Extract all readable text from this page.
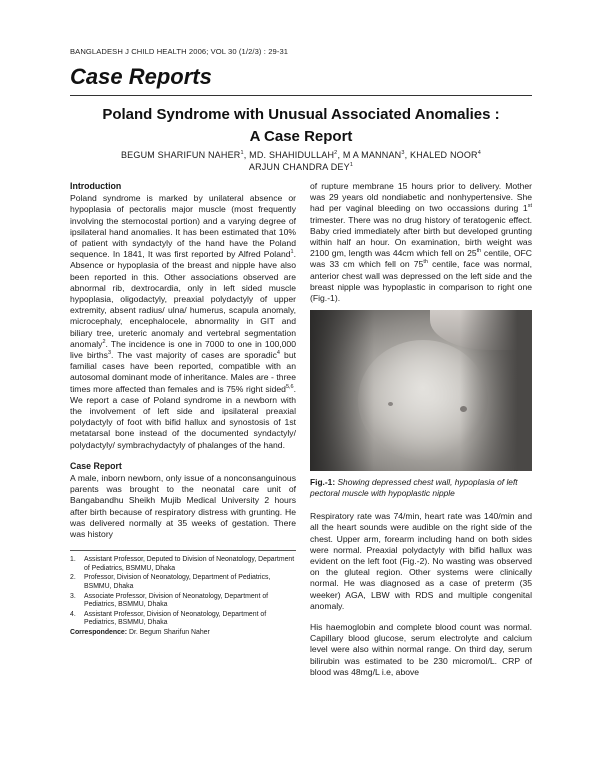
BANGLADESH J CHILD HEALTH 2006; VOL 30 (1/2/3) : 29-31
Case Reports
Poland Syndrome with Unusual Associated Anomalies :
A Case Report
BEGUM SHARIFUN NAHER$^1$, MD. SHAHIDULLAH$^2$, M A MANNAN$^3$, KHALED NOOR$^4$
ARJUN CHANDRA DEY$^1$
Introduction

Poland syndrome is marked by unilateral absence or hypoplasia of pectoralis major muscle (most frequently involving the sternocostal portion) and a varying degree of ipsilateral hand anomalies. It has been estimated that 10% of patient with syndactyly of the hand have the Poland sequence. In 1841, It was first reported by Alfred Poland$^1$. Absence or hypoplasia of the breast and nipple have also been reported in this. Other associations observed are abnormal rib, dextrocardia, only in left sided muscle hypoplasia, oligodactyly, preaxial polydactyly of upper extremity, absent radius/ ulna/ humerus, scapula anomaly, microcephaly, encephalocele, abnormality in GIT and biliary tree, ureteric anomaly and vertebral segmentation anomaly$^2$. The incidence is one in 7000 to one in 100,000 live births$^3$. The vast majority of cases are sporadic$^4$ but familial cases have been reported, compatible with an autosomal dominant mode of inheritance. Males are - three times more affected than females and is 75% right sided$^{5,6}$. We report a case of Poland syndrome in a newborn with the involvement of left side and ipsilateral preaxial polydactyly of foot with bifid hallux and synostosis of 1st metatarsal bone instead of the documented syndactyly/ polydactyly/ symbrachydactyly of phalanges of the hand.

Case Report

A male, inborn newborn, only issue of a nonconsanguinous parents was brought to the neonatal care unit of Bangabandhu Sheikh Mujib Medical University 2 hours after birth because of respiratory distress with grunting. He was delivered normally at 35 weeks of gestation. There was history

1.	Assistant Professor, Deputed to Division of Neonatology, Department of Pediatrics, BSMMU, Dhaka
2.	Professor, Division of Neonatology, Department of Pediatrics, BSMMU, Dhaka
3.	Associate Professor, Division of Neonatology, Department of Pediatrics, BSMMU, Dhaka
4.	Assistant Professor, Division of Neonatology, Department of Pediatrics, BSMMU, Dhaka
Correspondence: Dr. Begum Sharifun Naher

of rupture membrane 15 hours prior to delivery. Mother was 29 years old nondiabetic and nonhypertensive. She had per vaginal bleeding on two occassions during 1st trimester. There was no drug history of teratogenic effect. Baby cried immediately after birth but developed grunting within half an hour. On examination, birth weight was 2100 gm, length was 44cm which fell on 25th centile, OFC was 33 cm which fell on 75th centile, face was normal, anterior chest wall was depressed on the left side and the breast nipple was hypoplastic in comparison to right one (Fig.-1).

Fig.-1: Showing depressed chest wall, hypoplasia of left pectoral muscle with hypoplastic nipple

Respiratory rate was 74/min, heart rate was 140/min and all the heart sounds were audible on the right side of the chest. Upper arm, forearm including hand on both sides were normal. Preaxial polydactyly with bifid hallux was evident on the left foot (Fig.-2). No wasting was observed on the gluteal region. Other systems were clinically normal. He was diagnosed as a case of preterm (35 weeker) AGA, LBW with RDS and multiple congenital anomaly.

His haemoglobin and complete blood count was normal. Capillary blood glucose, serum electrolyte and calcium level were also within normal range. On third day, serum bilirubin was estimated to be 230 micromol/L. CRP of blood was 48mg/L i.e, above
